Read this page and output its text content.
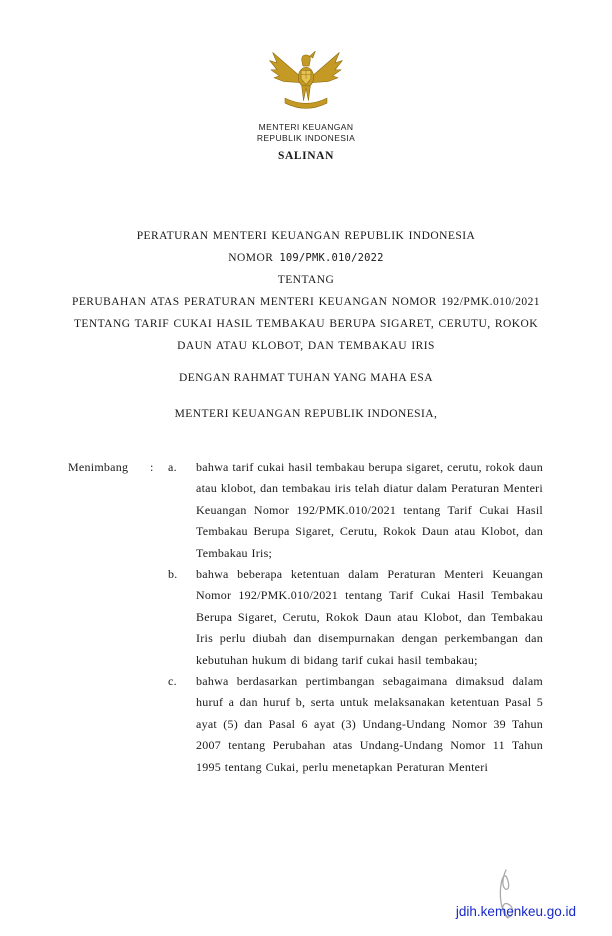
MENTERI KEUANGAN
REPUBLIK INDONESIA
SALINAN
PERATURAN MENTERI KEUANGAN REPUBLIK INDONESIA
NOMOR 109/PMK.010/2022
TENTANG
PERUBAHAN ATAS PERATURAN MENTERI KEUANGAN NOMOR 192/PMK.010/2021 TENTANG TARIF CUKAI HASIL TEMBAKAU BERUPA SIGARET, CERUTU, ROKOK DAUN ATAU KLOBOT, DAN TEMBAKAU IRIS
DENGAN RAHMAT TUHAN YANG MAHA ESA
MENTERI KEUANGAN REPUBLIK INDONESIA,
Menimbang	:	a.	bahwa tarif cukai hasil tembakau berupa sigaret, cerutu, rokok daun atau klobot, dan tembakau iris telah diatur dalam Peraturan Menteri Keuangan Nomor 192/PMK.010/2021 tentang Tarif Cukai Hasil Tembakau Berupa Sigaret, Cerutu, Rokok Daun atau Klobot, dan Tembakau Iris;
b.	bahwa beberapa ketentuan dalam Peraturan Menteri Keuangan Nomor 192/PMK.010/2021 tentang Tarif Cukai Hasil Tembakau Berupa Sigaret, Cerutu, Rokok Daun atau Klobot, dan Tembakau Iris perlu diubah dan disempurnakan dengan perkembangan dan kebutuhan hukum di bidang tarif cukai hasil tembakau;
c.	bahwa berdasarkan pertimbangan sebagaimana dimaksud dalam huruf a dan huruf b, serta untuk melaksanakan ketentuan Pasal 5 ayat (5) dan Pasal 6 ayat (3) Undang-Undang Nomor 39 Tahun 2007 tentang Perubahan atas Undang-Undang Nomor 11 Tahun 1995 tentang Cukai, perlu menetapkan Peraturan Menteri
jdih.kemenkeu.go.id
